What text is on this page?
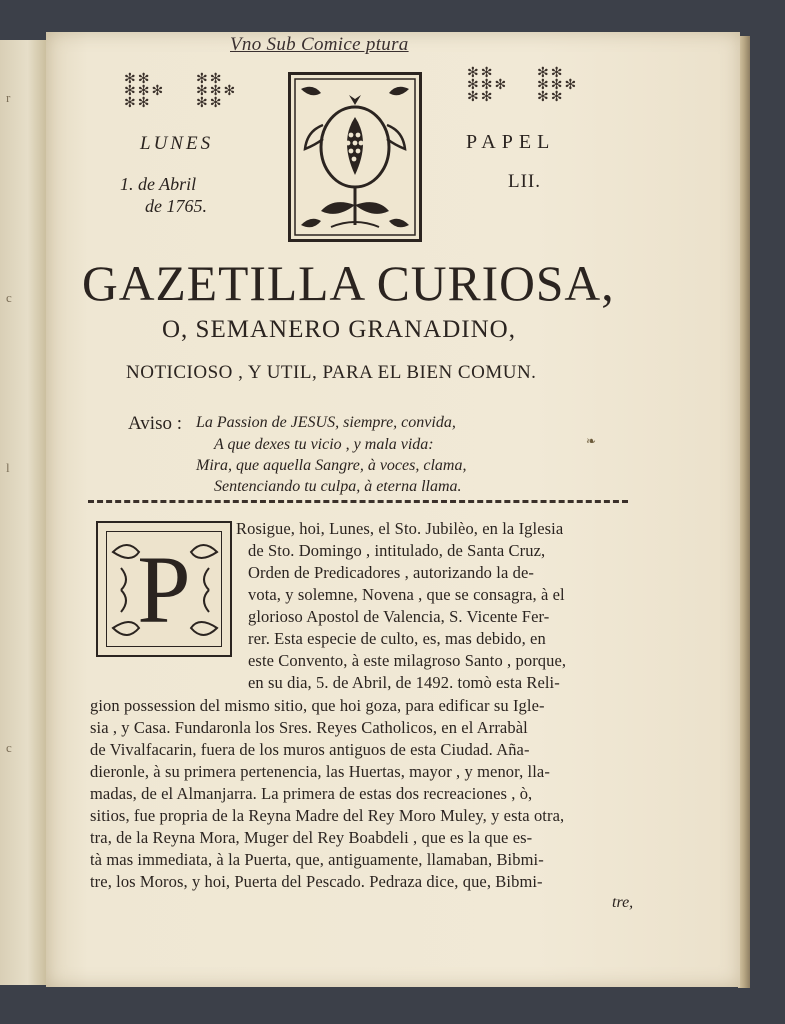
r
c
l
c
Vno Sub Comice ptura
✻✻
✻✻✻
✻✻
✻✻
✻✻✻
✻✻
✻✻
✻✻✻
✻✻
✻✻
✻✻✻
✻✻
LUNES	PAPEL
1. de Abril
de 1765.
LII.
GAZETILLA CURIOSA,
O, SEMANERO GRANADINO,
NOTICIOSO , Y UTIL, PARA EL BIEN COMUN.
Aviso : La Passion de JESUS, siempre, convida,
A que dexes tu vicio , y mala vida:
Mira, que aquella Sangre, à voces, clama,
Sentenciando tu culpa, à eterna llama.
❧
P
Rosigue, hoi, Lunes, el Sto. Jubilèo, en la Iglesia
de Sto. Domingo , intitulado, de Santa Cruz,
Orden de Predicadores , autorizando la de-
vota, y solemne, Novena , que se consagra, à el
glorioso Apostol de Valencia, S. Vicente Fer-
rer. Esta especie de culto, es, mas debido, en
este Convento, à este milagroso Santo , porque,
en su dia, 5. de Abril, de 1492. tomò esta Reli-
gion possession del mismo sitio, que hoi goza, para edificar su Igle-
sia , y Casa. Fundaronla los Sres. Reyes Catholicos, en el Arrabàl
de Vivalfacarin, fuera de los muros antiguos de esta Ciudad. Aña-
dieronle, à su primera pertenencia, las Huertas, mayor , y menor, lla-
madas, de el Almanjarra. La primera de estas dos recreaciones , ò,
sitios, fue propria de la Reyna Madre del Rey Moro Muley, y esta otra,
tra, de la Reyna Mora, Muger del Rey Boabdeli , que es la que es-
tà mas immediata, à la Puerta, que, antiguamente, llamaban, Bibmi-
tre, los Moros, y hoi, Puerta del Pescado. Pedraza dice, que, Bibmi-
tre,
